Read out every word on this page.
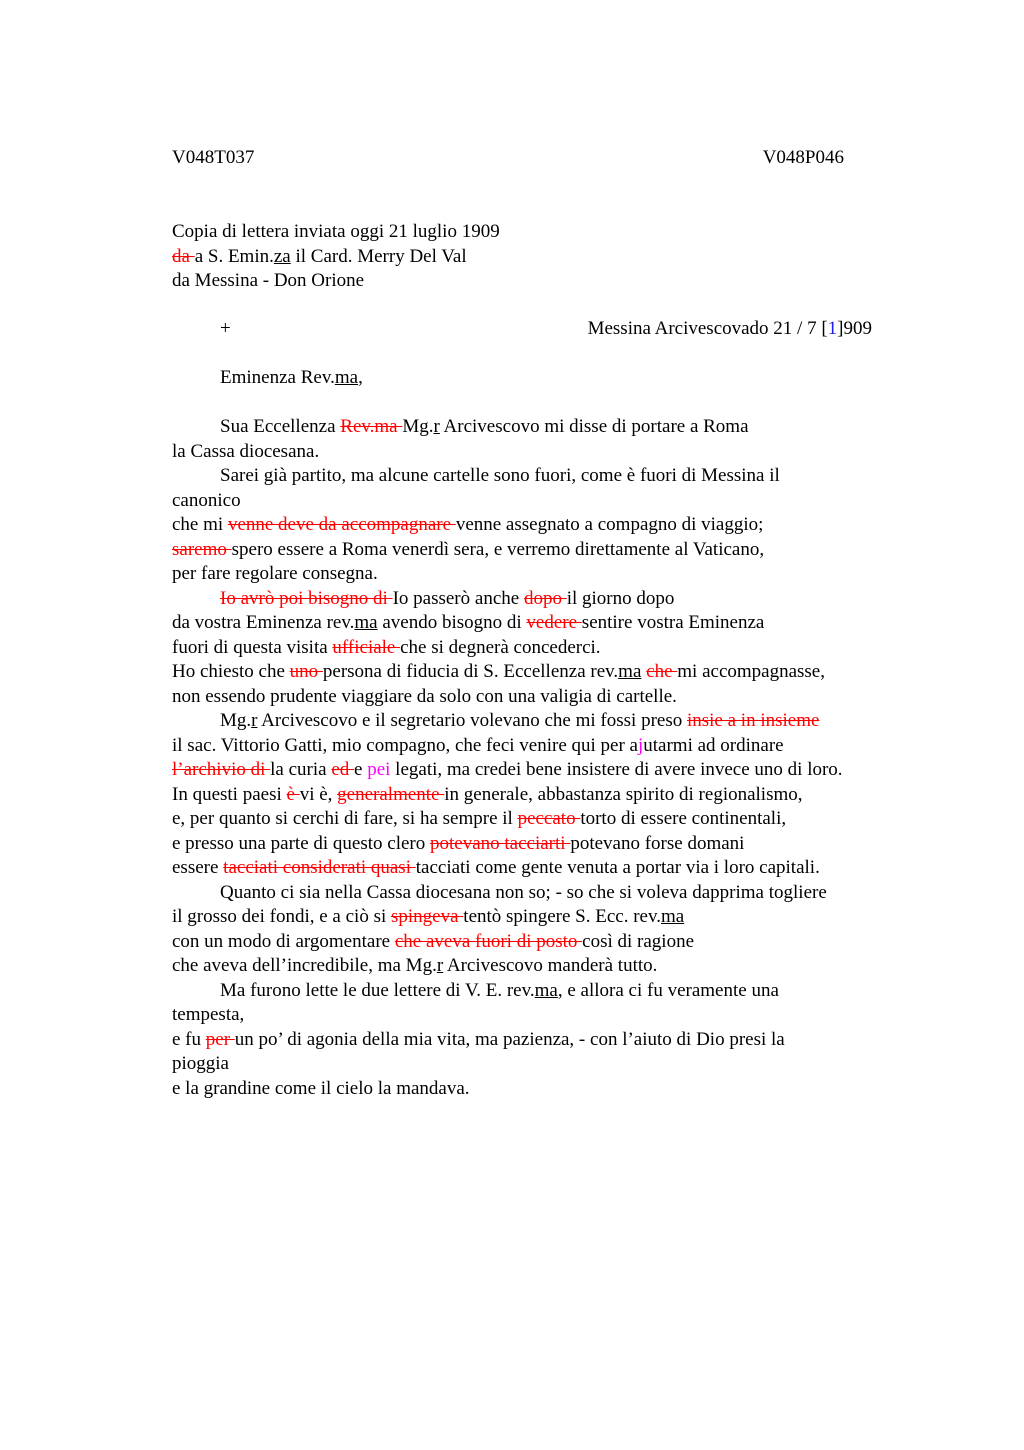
V048T037	V048P046
Copia di lettera inviata oggi 21 luglio 1909
da a S. Emin.za il Card. Merry Del Val
da Messina - Don Orione
+	Messina Arcivescovado 21 / 7 [1]909
Eminenza Rev.ma,
Sua Eccellenza Rev.ma Mg.r Arcivescovo mi disse di portare a Roma
la Cassa diocesana.
Sarei già partito, ma alcune cartelle sono fuori, come è fuori di Messina il
canonico
che mi venne deve da accompagnare venne assegnato a compagno di viaggio;
saremo spero essere a Roma venerdì sera, e verremo direttamente al Vaticano,
per fare regolare consegna.
Io avrò poi bisogno di Io passerò anche dopo il giorno dopo
da vostra Eminenza rev.ma avendo bisogno di vedere sentire vostra Eminenza
fuori di questa visita ufficiale che si degnerà concederci.
Ho chiesto che uno persona di fiducia di S. Eccellenza rev.ma che mi accompagnasse,
non essendo prudente viaggiare da solo con una valigia di cartelle.
Mg.r Arcivescovo e il segretario volevano che mi fossi preso insie a in insieme
il sac. Vittorio Gatti, mio compagno, che feci venire qui per ajutarmi ad ordinare
l’archivio di la curia ed e pei legati, ma credei bene insistere di avere invece uno di loro.
In questi paesi è vi è, generalmente in generale, abbastanza spirito di regionalismo,
e, per quanto si cerchi di fare, si ha sempre il peccato torto di essere continentali,
e presso una parte di questo clero potevano tacciarti potevano forse domani
essere tacciati considerati quasi tacciati come gente venuta a portar via i loro capitali.
Quanto ci sia nella Cassa diocesana non so; - so che si voleva dapprima togliere
il grosso dei fondi, e a ciò si spingeva tentò spingere S. Ecc. rev.ma
con un modo di argomentare che aveva fuori di posto così di ragione
che aveva dell’incredibile, ma Mg.r Arcivescovo manderà tutto.
Ma furono lette le due lettere di V. E. rev.ma, e allora ci fu veramente una
tempesta,
e fu per un po’ di agonia della mia vita, ma pazienza, - con l’aiuto di Dio presi la
pioggia
e la grandine come il cielo la mandava.
